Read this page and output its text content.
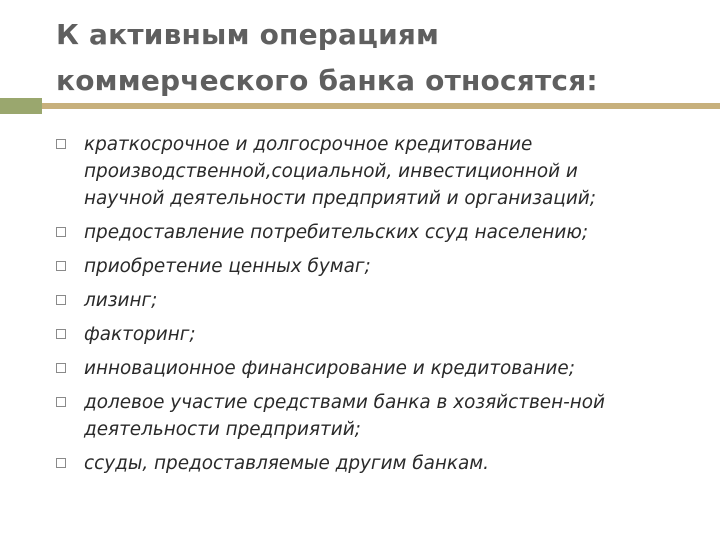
К активным операциям
коммерческого банка относятся:
краткосрочное и долгосрочное кредитование
производственной,социальной, инвестиционной и
научной деятельности предприятий и организаций;
предоставление потребительских ссуд населению;
приобретение ценных бумаг;
лизинг;
факторинг;
инновационное финансирование и кредитование;
долевое участие средствами банка в хозяйствен-ной
деятельности предприятий;
ссуды, предоставляемые другим банкам.
